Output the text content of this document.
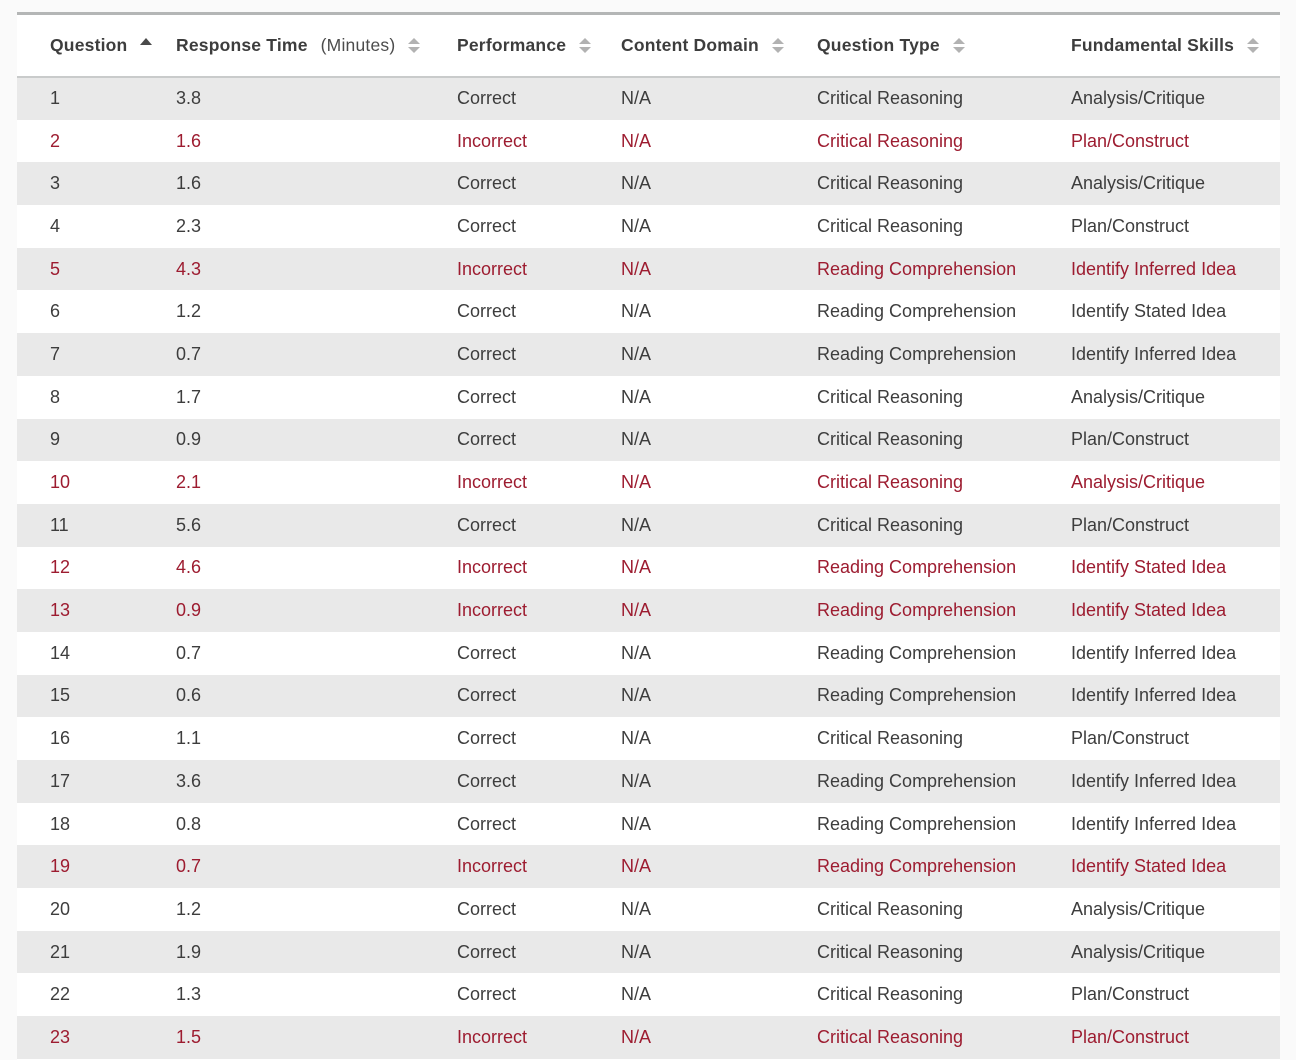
Question	Response Time (Minutes)	Performance	Content Domain	Question Type	Fundamental Skills

1	3.8	Correct	N/A	Critical Reasoning	Analysis/Critique
2	1.6	Incorrect	N/A	Critical Reasoning	Plan/Construct
3	1.6	Correct	N/A	Critical Reasoning	Analysis/Critique
4	2.3	Correct	N/A	Critical Reasoning	Plan/Construct
5	4.3	Incorrect	N/A	Reading Comprehension	Identify Inferred Idea
6	1.2	Correct	N/A	Reading Comprehension	Identify Stated Idea
7	0.7	Correct	N/A	Reading Comprehension	Identify Inferred Idea
8	1.7	Correct	N/A	Critical Reasoning	Analysis/Critique
9	0.9	Correct	N/A	Critical Reasoning	Plan/Construct
10	2.1	Incorrect	N/A	Critical Reasoning	Analysis/Critique
11	5.6	Correct	N/A	Critical Reasoning	Plan/Construct
12	4.6	Incorrect	N/A	Reading Comprehension	Identify Stated Idea
13	0.9	Incorrect	N/A	Reading Comprehension	Identify Stated Idea
14	0.7	Correct	N/A	Reading Comprehension	Identify Inferred Idea
15	0.6	Correct	N/A	Reading Comprehension	Identify Inferred Idea
16	1.1	Correct	N/A	Critical Reasoning	Plan/Construct
17	3.6	Correct	N/A	Reading Comprehension	Identify Inferred Idea
18	0.8	Correct	N/A	Reading Comprehension	Identify Inferred Idea
19	0.7	Incorrect	N/A	Reading Comprehension	Identify Stated Idea
20	1.2	Correct	N/A	Critical Reasoning	Analysis/Critique
21	1.9	Correct	N/A	Critical Reasoning	Analysis/Critique
22	1.3	Correct	N/A	Critical Reasoning	Plan/Construct
23	1.5	Incorrect	N/A	Critical Reasoning	Plan/Construct
